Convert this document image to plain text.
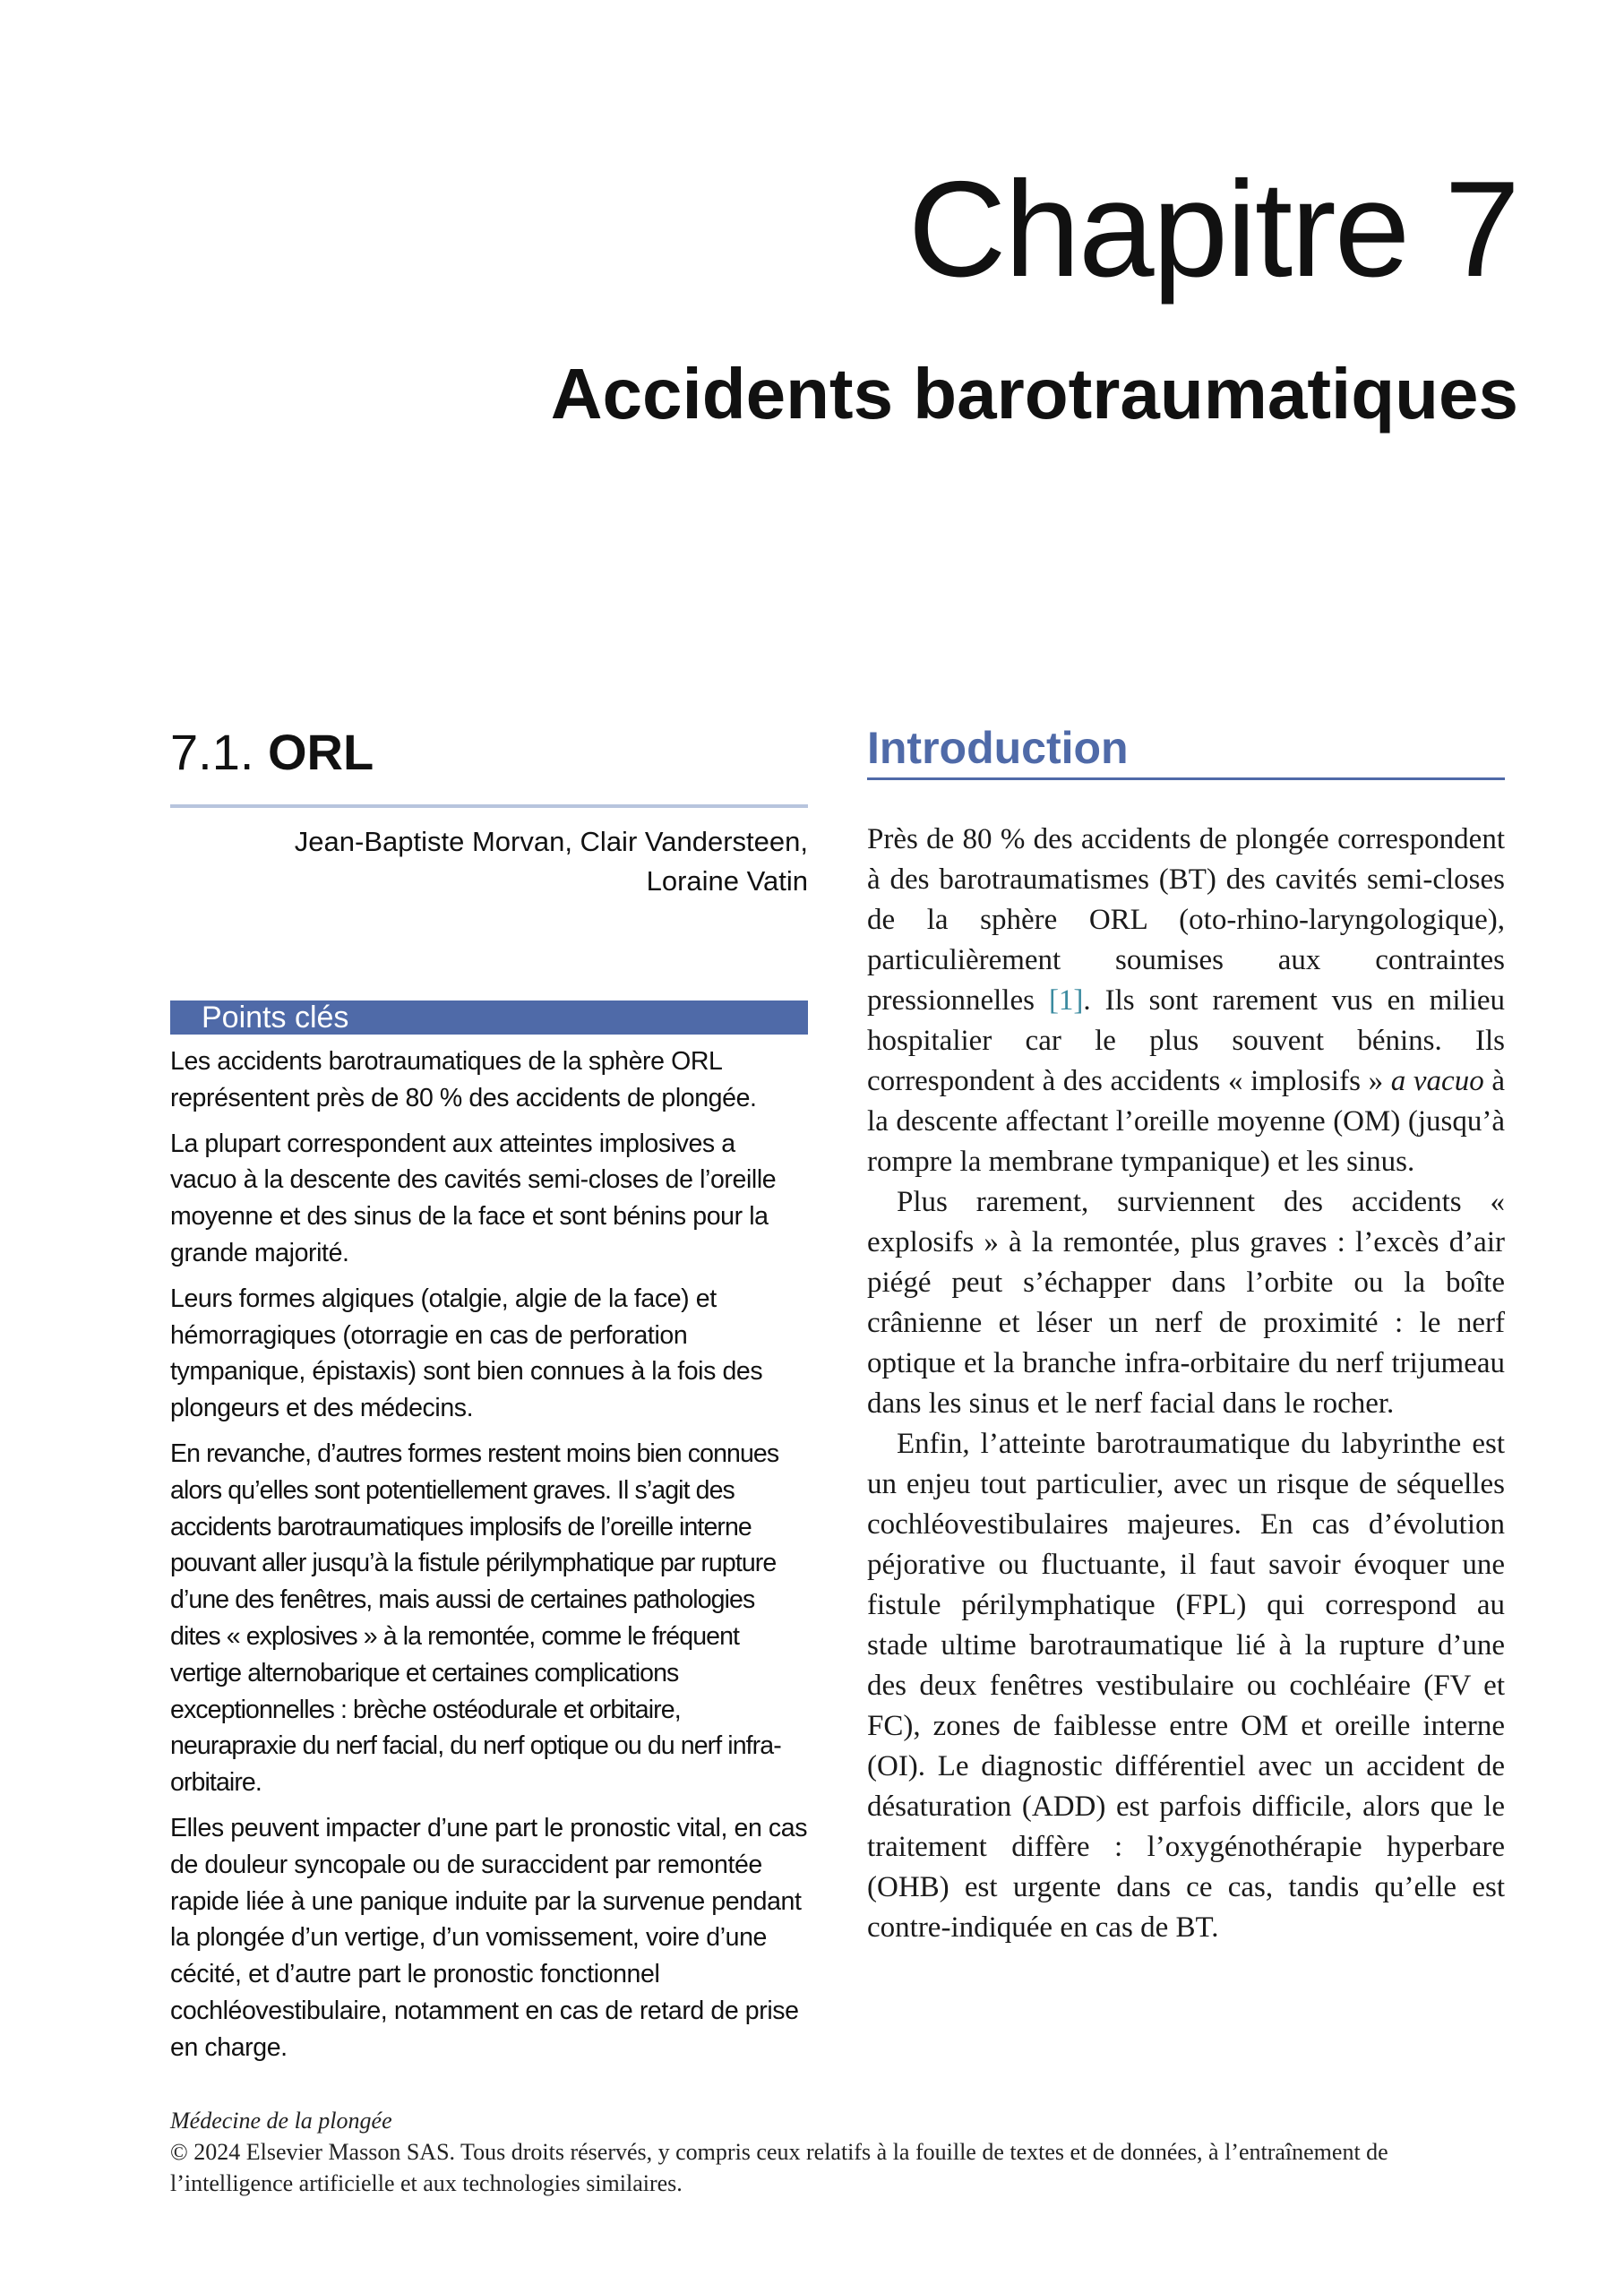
Chapitre 7
Accidents barotraumatiques
7.1. ORL
Jean-Baptiste Morvan, Clair Vandersteen,
Loraine Vatin
Points clés

Les accidents barotraumatiques de la sphère ORL représentent près de 80 % des accidents de plongée.

La plupart correspondent aux atteintes implosives a vacuo à la descente des cavités semi-closes de l’oreille moyenne et des sinus de la face et sont bénins pour la grande majorité.

Leurs formes algiques (otalgie, algie de la face) et hémorragiques (otorragie en cas de perforation tympanique, épistaxis) sont bien connues à la fois des plongeurs et des médecins.

En revanche, d’autres formes restent moins bien connues alors qu’elles sont potentiellement graves. Il s’agit des accidents barotraumatiques implosifs de l’oreille interne pouvant aller jusqu’à la fistule périlymphatique par rupture d’une des fenêtres, mais aussi de certaines pathologies dites « explosives » à la remontée, comme le fréquent vertige alternobarique et certaines complications exceptionnelles : brèche ostéodurale et orbitaire, neurapraxie du nerf facial, du nerf optique ou du nerf infra-orbitaire.

Elles peuvent impacter d’une part le pronostic vital, en cas de douleur syncopale ou de suraccident par remontée rapide liée à une panique induite par la survenue pendant la plongée d’un vertige, d’un vomissement, voire d’une cécité, et d’autre part le pronostic fonctionnel cochléovestibulaire, notamment en cas de retard de prise en charge.

Introduction

Près de 80 % des accidents de plongée correspondent à des barotraumatismes (BT) des cavités semi-closes de la sphère ORL (oto-rhino-laryngologique), particulièrement soumises aux contraintes pressionnelles [1]. Ils sont rarement vus en milieu hospitalier car le plus souvent bénins. Ils correspondent à des accidents « implosifs » a vacuo à la descente affectant l’oreille moyenne (OM) (jusqu’à rompre la membrane tympanique) et les sinus.

Plus rarement, surviennent des accidents « explosifs » à la remontée, plus graves : l’excès d’air piégé peut s’échapper dans l’orbite ou la boîte crânienne et léser un nerf de proximité : le nerf optique et la branche infra-orbitaire du nerf trijumeau dans les sinus et le nerf facial dans le rocher.

Enfin, l’atteinte barotraumatique du labyrinthe est un enjeu tout particulier, avec un risque de séquelles cochléovestibulaires majeures. En cas d’évolution péjorative ou fluctuante, il faut savoir évoquer une fistule périlymphatique (FPL) qui correspond au stade ultime barotraumatique lié à la rupture d’une des deux fenêtres vestibulaire ou cochléaire (FV et FC), zones de faiblesse entre OM et oreille interne (OI). Le diagnostic différentiel avec un accident de désaturation (ADD) est parfois difficile, alors que le traitement diffère : l’oxygénothérapie hyperbare (OHB) est urgente dans ce cas, tandis qu’elle est contre-indiquée en cas de BT.

Médecine de la plongée
© 2024 Elsevier Masson SAS. Tous droits réservés, y compris ceux relatifs à la fouille de textes et de données, à l’entraînement de l’intelligence artificielle et aux technologies similaires.
